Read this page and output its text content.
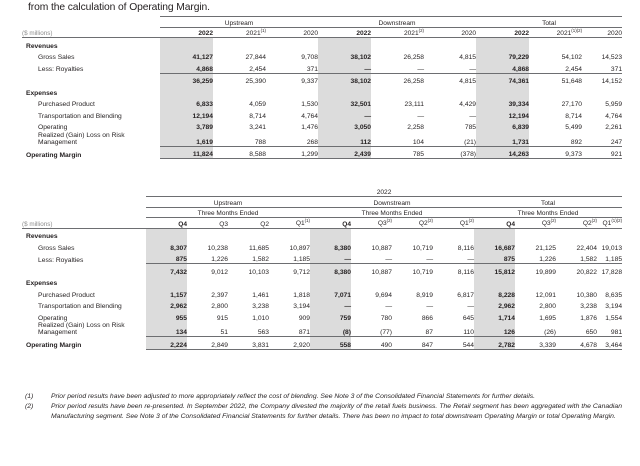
from the calculation of Operating Margin.
	Upstream			Downstream			Total		
($ millions)	2022	2021$^{(1)}$	2020	2022	2021$^{(2)}$	2020	2022	$2021^{(1)(2)}$	2020
Revenues									
Gross Sales	41,127	27,844	9,708	38,102	26,258	4,815	79,229	54,102	14,523
Less: Royalties	4,868	2,454	371	—	—	—	4,868	2,454	371
	36,259	25,390	9,337	38,102	26,258	4,815	74,361	51,648	14,152
Expenses									
Purchased Product	6,833	4,059	1,530	32,501	23,111	4,429	39,334	27,170	5,959
Transportation and Blending	12,194	8,714	4,764	—	—	—	12,194	8,714	4,764
Operating	3,789	3,241	1,476	3,050	2,258	785	6,839	5,499	2,261
Realized (Gain) Loss on Risk
Management	1,619	788	268	112	104	(21)	1,731	892	247
Operating Margin	11,824	8,588	1,299	2,439	785	(378)	14,263	9,373	921
	2022											
	Upstream				Downstream				Total			
	Three Months Ended				Three Months Ended				Three Months Ended			
($ millions)	Q4	Q3	Q2	Q1$^{(1)}$	Q4	Q3$^{(2)}$	Q2$^{(2)}$	Q1$^{(2)}$	Q4	Q3$^{(2)}$	Q2$^{(2)}$	$Q1^{(1)(2)}$
Revenues												
Gross Sales	8,307	10,238	11,685	10,897	8,380	10,887	10,719	8,116	16,687	21,125	22,404	19,013
Less: Royalties	875	1,226	1,582	1,185	—	—	—	—	875	1,226	1,582	1,185
	7,432	9,012	10,103	9,712	8,380	10,887	10,719	8,116	15,812	19,899	20,822	17,828
Expenses												
Purchased Product	1,157	2,397	1,461	1,818	7,071	9,694	8,919	6,817	8,228	12,091	10,380	8,635
Transportation and Blending	2,962	2,800	3,238	3,194	—	—	—	—	2,962	2,800	3,238	3,194
Operating	955	915	1,010	909	759	780	866	645	1,714	1,695	1,876	1,554
Realized (Gain) Loss on Risk
Management	134	51	563	871	(8)	(77)	87	110	126	(26)	650	981
Operating Margin	2,224	2,849	3,831	2,920	558	490	847	544	2,782	3,339	4,678	3,464
(1)	Prior period results have been adjusted to more appropriately reflect the cost of blending. See Note 3 of the Consolidated Financial Statements for further details.
(2)	Prior period results have been re-presented. In September 2022, the Company divested the majority of the retail fuels business. The Retail segment has been aggregated with the Canadian Manufacturing segment. See Note 3 of the Consolidated Financial Statements for further details. There has been no impact to total downstream Operating Margin or total Operating Margin.
